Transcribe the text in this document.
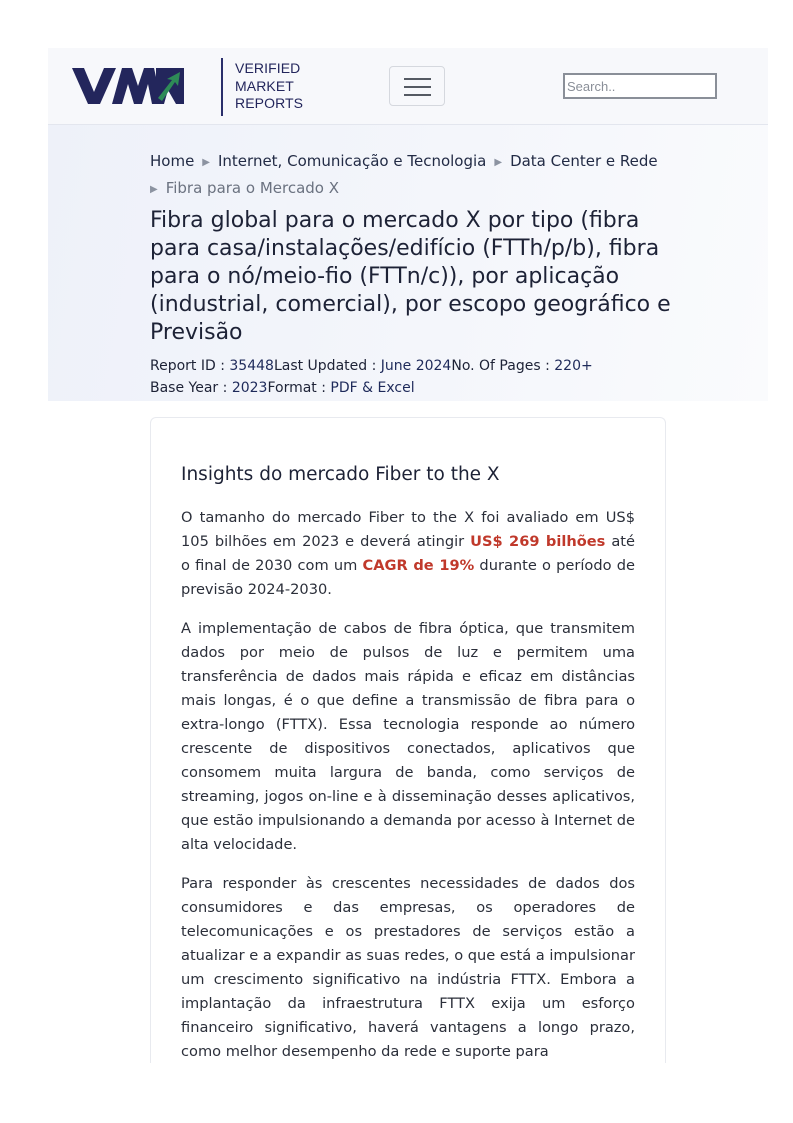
VERIFIED
MARKET
REPORTS
Search..
Home ▶ Internet, Comunicação e Tecnologia ▶ Data Center e Rede
▶ Fibra para o Mercado X
Fibra global para o mercado X por tipo (fibra para casa/instalações/edifício (FTTh/p/b), fibra para o nó/meio-fio (FTTn/c)), por aplicação (industrial, comercial), por escopo geográfico e Previsão
Report ID : 35448Last Updated : June 2024No. Of Pages : 220+
Base Year : 2023Format : PDF & Excel
Insights do mercado Fiber to the X

O tamanho do mercado Fiber to the X foi avaliado em US$ 105 bilhões em 2023 e deverá atingir US$ 269 bilhões até o final de 2030 com um CAGR de 19% durante o período de previsão 2024-2030.

A implementação de cabos de fibra óptica, que transmitem dados por meio de pulsos de luz e permitem uma transferência de dados mais rápida e eficaz em distâncias mais longas, é o que define a transmissão de fibra para o extra-longo (FTTX). Essa tecnologia responde ao número crescente de dispositivos conectados, aplicativos que consomem muita largura de banda, como serviços de streaming, jogos on-line e à disseminação desses aplicativos, que estão impulsionando a demanda por acesso à Internet de alta velocidade.

Para responder às crescentes necessidades de dados dos consumidores e das empresas, os operadores de telecomunicações e os prestadores de serviços estão a atualizar e a expandir as suas redes, o que está a impulsionar um crescimento significativo na indústria FTTX. Embora a implantação da infraestrutura FTTX exija um esforço financeiro significativo, haverá vantagens a longo prazo, como melhor desempenho da rede e suporte para
